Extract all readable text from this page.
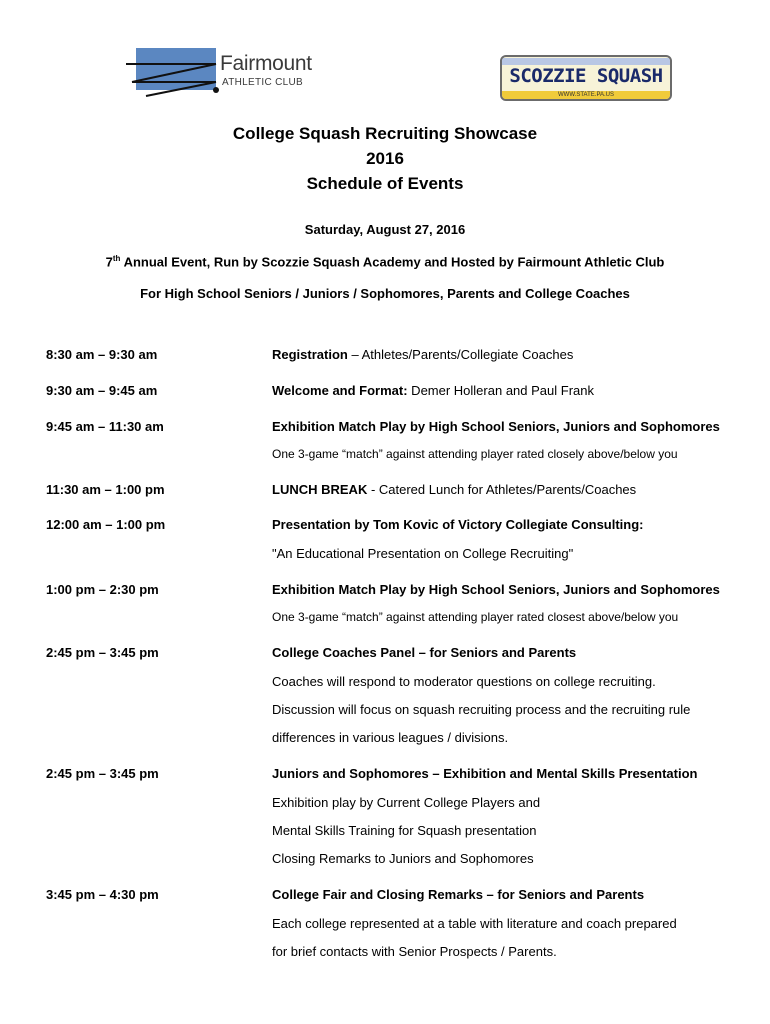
Fairmount
ATHLETIC CLUB	SCOZZIE SQUASH
WWW.STATE.PA.US
College Squash Recruiting Showcase
2016
Schedule of Events
Saturday, August 27, 2016
7th Annual Event, Run by Scozzie Squash Academy and Hosted by Fairmount Athletic Club
For High School Seniors / Juniors / Sophomores, Parents and College Coaches
8:30 am – 9:30 am	Registration – Athletes/Parents/Collegiate Coaches
9:30 am – 9:45 am	Welcome and Format: Demer Holleran and Paul Frank
9:45 am – 11:30 am	Exhibition Match Play by High School Seniors, Juniors and Sophomores
One 3-game “match” against attending player rated closely above/below you
11:30 am – 1:00 pm	LUNCH BREAK - Catered Lunch for Athletes/Parents/Coaches
12:00 am – 1:00 pm	Presentation by Tom Kovic of Victory Collegiate Consulting:
"An Educational Presentation on College Recruiting"
1:00 pm – 2:30 pm	Exhibition Match Play by High School Seniors, Juniors and Sophomores
One 3-game “match” against attending player rated closest above/below you
2:45 pm – 3:45 pm	College Coaches Panel – for Seniors and Parents
Coaches will respond to moderator questions on college recruiting.
Discussion will focus on squash recruiting process and the recruiting rule
differences in various leagues / divisions.
2:45 pm – 3:45 pm	Juniors and Sophomores – Exhibition and Mental Skills Presentation
Exhibition play by Current College Players and
Mental Skills Training for Squash presentation
Closing Remarks to Juniors and Sophomores
3:45 pm – 4:30 pm	College Fair and Closing Remarks – for Seniors and Parents
Each college represented at a table with literature and coach prepared
for brief contacts with Senior Prospects / Parents.
